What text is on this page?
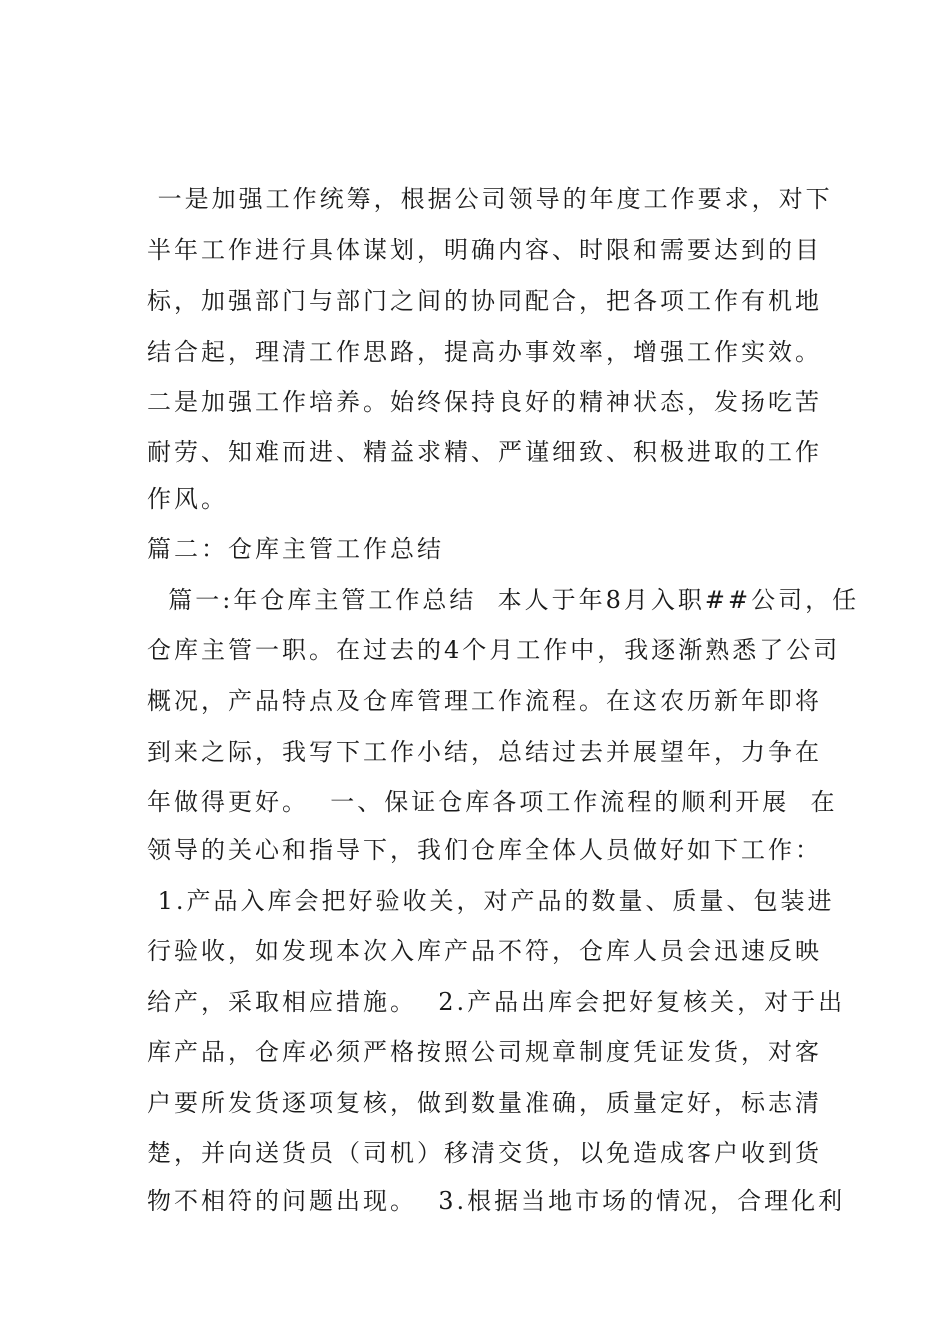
一是加强工作统筹，根据公司领导的年度工作要求，对下
半年工作进行具体谋划，明确内容、时限和需要达到的目
标，加强部门与部门之间的协同配合，把各项工作有机地
结合起，理清工作思路，提高办事效率，增强工作实效。
二是加强工作培养。始终保持良好的精神状态，发扬吃苦
耐劳、知难而进、精益求精、严谨细致、积极进取的工作
作风。
篇二：仓库主管工作总结
篇一:年仓库主管工作总结  本人于年8月入职##公司，任
仓库主管一职。在过去的4个月工作中，我逐渐熟悉了公司
概况，产品特点及仓库管理工作流程。在这农历新年即将
到来之际，我写下工作小结，总结过去并展望年，力争在
年做得更好。  一、保证仓库各项工作流程的顺利开展  在
领导的关心和指导下，我们仓库全体人员做好如下工作：
1.产品入库会把好验收关，对产品的数量、质量、包装进
行验收，如发现本次入库产品不符，仓库人员会迅速反映
给产，采取相应措施。  2.产品出库会把好复核关，对于出
库产品，仓库必须严格按照公司规章制度凭证发货，对客
户要所发货逐项复核，做到数量准确，质量定好，标志清
楚，并向送货员（司机）移清交货，以免造成客户收到货
物不相符的问题出现。  3.根据当地市场的情况，合理化利
